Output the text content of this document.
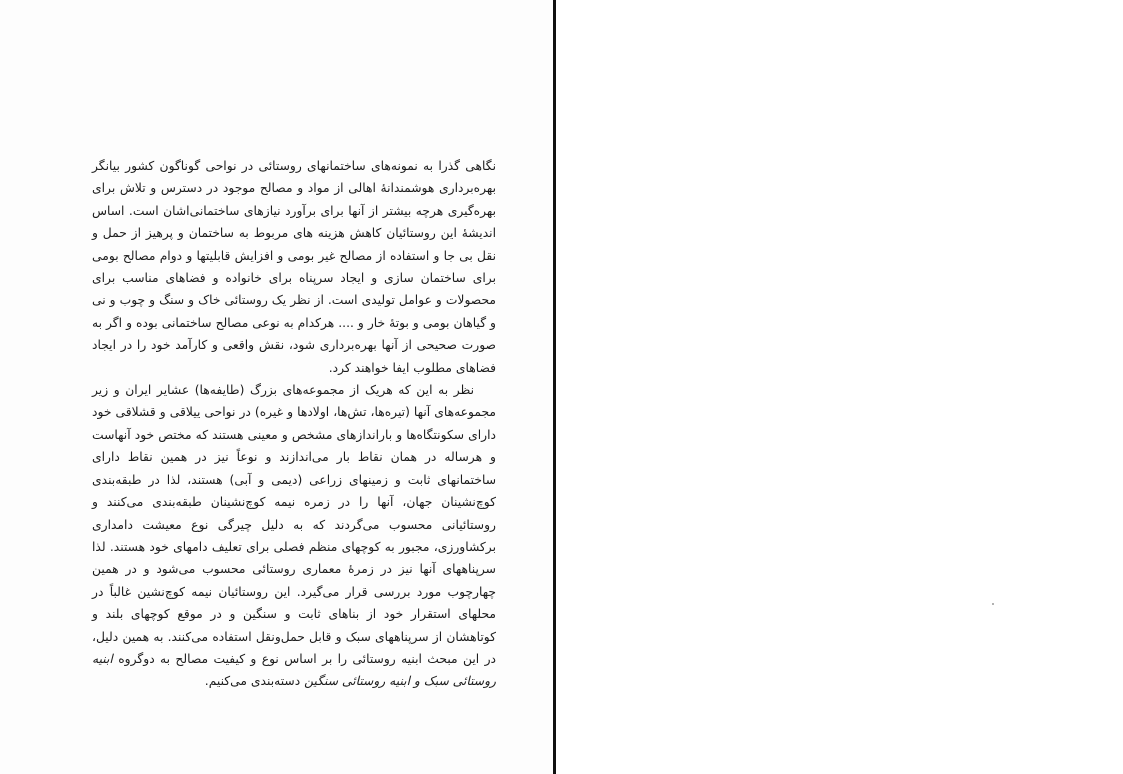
نگاهی گذرا به نمونه‌های ساختمانهای روستائی در نواحی گوناگون کشور بیانگر بهره‌برداری هوشمندانهٔ اهالی از مواد و مصالح موجود در دسترس و تلاش برای بهره‌گیری هرچه بیشتر از آنها برای برآورد نیازهای ساختمانی‌اشان است. اساس اندیشهٔ این روستائیان کاهش هزینه های مربوط به ساختمان و پرهیز از حمل و نقل بی جا و استفاده از مصالح غیر بومی و افزایش قابلیتها و دوام مصالح بومی برای ساختمان سازی و ایجاد سرپناه برای خانواده و فضاهای مناسب برای محصولات و عوامل تولیدی است. از نظر یک روستائی خاک و سنگ و چوب و نی و گیاهان بومی و بوتهٔ خار و .... هرکدام به نوعی مصالح ساختمانی بوده و اگر به صورت صحیحی از آنها بهره‌برداری شود، نقش واقعی و کارآمد خود را در ایجاد فضاهای مطلوب ایفا خواهند کرد.

نظر به این که هریک از مجموعه‌های بزرگ (طایفه‌ها) عشایر ایران و زیر مجموعه‌های آنها (تیره‌ها، تش‌ها، اولادها و غیره) در نواحی ییلاقی و قشلاقی خود دارای سکونتگاه‌ها و باراندازهای مشخص و معینی هستند که مختص خود آنهاست و هرساله در همان نقاط بار می‌اندازند و نوعاً نیز در همین نقاط دارای ساختمانهای ثابت و زمینهای زراعی (دیمی و آبی) هستند، لذا در طبقه‌بندی کوچ‌نشینان جهان، آنها را در زمره نیمه کوچ‌نشینان طبقه‌بندی می‌کنند و روستائیانی محسوب می‌گردند که به دلیل چیرگی نوع معیشت دامداری برکشاورزی، مجبور به کوچهای منظم فصلی برای تعلیف دامهای خود هستند. لذا سرپناههای آنها نیز در زمرهٔ معماری روستائی محسوب می‌شود و در همین چهارچوب مورد بررسی قرار می‌گیرد. این روستائیان نیمه کوچ‌نشین غالباً در محلهای استقرار خود از بناهای ثابت و سنگین و در موقع کوچهای بلند و کوتاهشان از سرپناههای سبک و قابل حمل‌ونقل استفاده می‌کنند. به همین دلیل، در این مبحث ابنیه روستائی را بر اساس نوع و کیفیت مصالح به دوگروه ابنیه روستائی سبک و ابنیه روستائی سنگین دسته‌بندی می‌کنیم.
